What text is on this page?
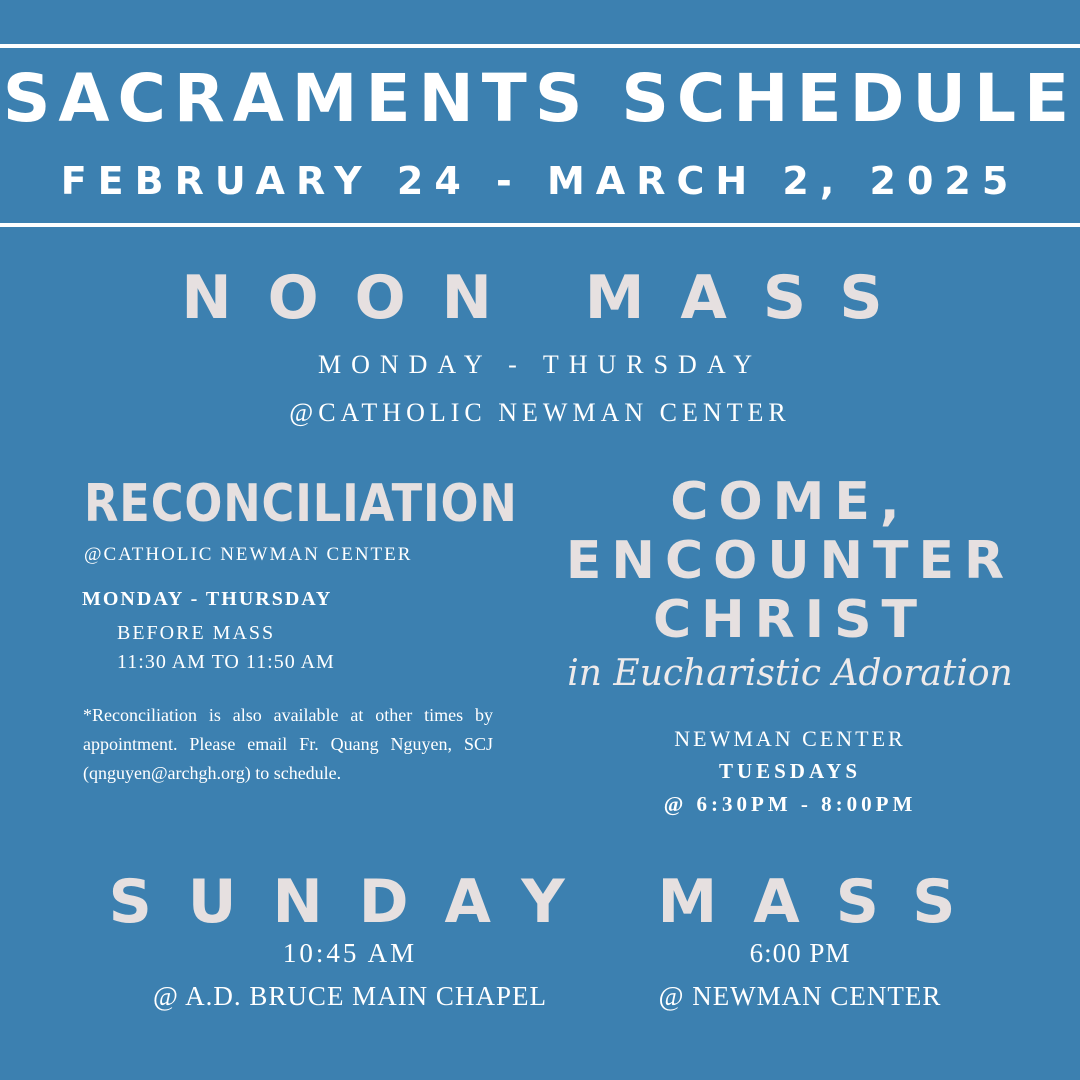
SACRAMENTS SCHEDULE
FEBRUARY 24 - MARCH 2, 2025
NOON MASS
MONDAY - THURSDAY
@CATHOLIC NEWMAN CENTER
RECONCILIATION
@CATHOLIC NEWMAN CENTER
MONDAY - THURSDAY
BEFORE MASS
11:30 AM TO 11:50 AM
*Reconciliation is also available at other times by appointment. Please email Fr. Quang Nguyen, SCJ (qnguyen@archgh.org) to schedule.
COME,
ENCOUNTER
CHRIST
in Eucharistic Adoration
NEWMAN CENTER
TUESDAYS
@ 6:30PM - 8:00PM
SUNDAY MASS
10:45 AM
@ A.D. BRUCE MAIN CHAPEL
6:00 PM
@ NEWMAN CENTER
